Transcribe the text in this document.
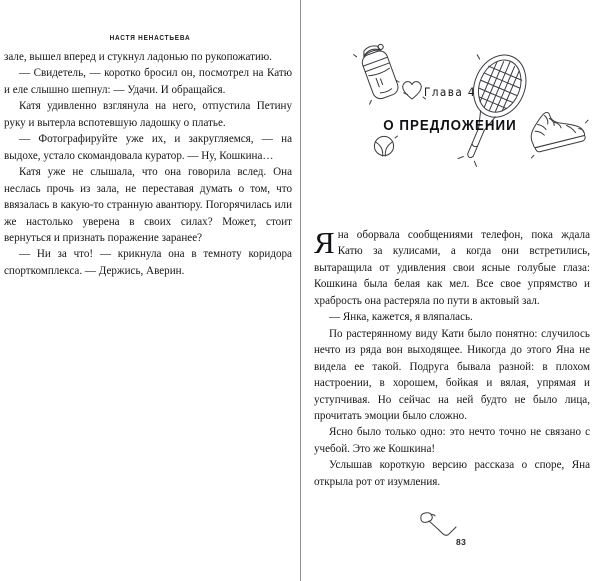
НАСТЯ НЕНАСТЬЕВА

зале, вышел вперед и стукнул ладонью по рукопожатию.

— Свидетель, — коротко бросил он, посмотрел на Катю и еле слышно шепнул: — Удачи. И обращайся.

Катя удивленно взглянула на него, отпустила Петину руку и вытерла вспотевшую ладошку о платье.

— Фотографируйте уже их, и закругляемся, — на выдохе, устало скомандовала куратор. — Ну, Кошкина…

Катя уже не слышала, что она говорила вслед. Она неслась прочь из зала, не переставая думать о том, что ввязалась в какую-то странную авантюру. Погорячилась или же настолько уверена в своих силах? Может, стоит вернуться и признать поражение заранее?

— Ни за что! — крикнула она в темноту коридора спорткомплекса. — Держись, Аверин.

Глава 4
О ПРЕДЛОЖЕНИИ

Яна оборвала сообщениями телефон, пока ждала Катю за кулисами, а когда они встретились, вытаращила от удивления свои ясные голубые глаза: Кошкина была белая как мел. Все свое упрямство и храбрость она растеряла по пути в актовый зал.

— Янка, кажется, я вляпалась.

По растерянному виду Кати было понятно: случилось нечто из ряда вон выходящее. Никогда до этого Яна не видела ее такой. Подруга бывала разной: в плохом настроении, в хорошем, бойкая и вялая, упрямая и уступчивая. Но сейчас на ней будто не было лица, прочитать эмоции было сложно.

Ясно было только одно: это нечто точно не связано с учебой. Это же Кошкина!

Услышав короткую версию рассказа о споре, Яна открыла рот от изумления.

83
